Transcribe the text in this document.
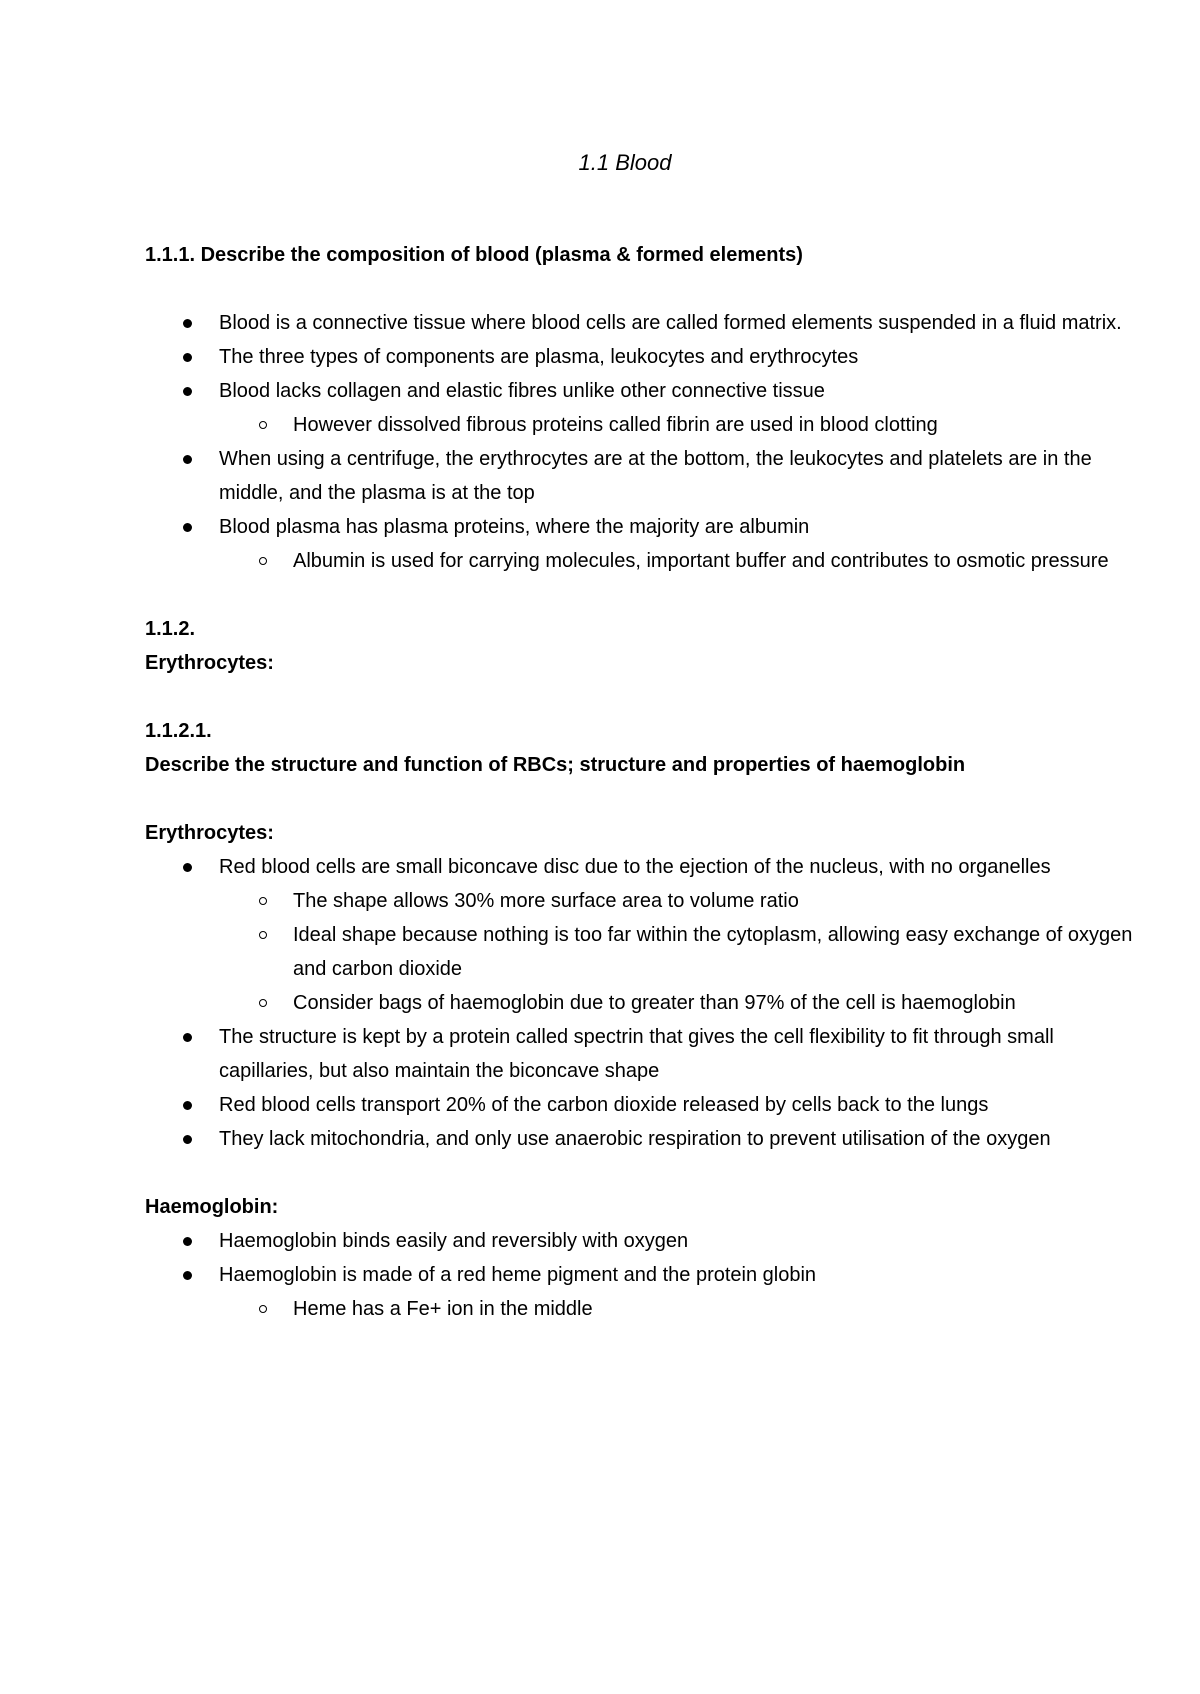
1.1 Blood

1.1.1. Describe the composition of blood (plasma & formed elements)

Blood is a connective tissue where blood cells are called formed elements suspended in a fluid matrix.
The three types of components are plasma, leukocytes and erythrocytes
Blood lacks collagen and elastic fibres unlike other connective tissue
However dissolved fibrous proteins called fibrin are used in blood clotting
When using a centrifuge, the erythrocytes are at the bottom, the leukocytes and platelets are in the middle, and the plasma is at the top
Blood plasma has plasma proteins, where the majority are albumin
Albumin is used for carrying molecules, important buffer and contributes to osmotic pressure

1.1.2.

Erythrocytes:

1.1.2.1.

Describe the structure and function of RBCs; structure and properties of haemoglobin

Erythrocytes:

Red blood cells are small biconcave disc due to the ejection of the nucleus, with no organelles
The shape allows 30% more surface area to volume ratio
Ideal shape because nothing is too far within the cytoplasm, allowing easy exchange of oxygen and carbon dioxide
Consider bags of haemoglobin due to greater than 97% of the cell is haemoglobin
The structure is kept by a protein called spectrin that gives the cell flexibility to fit through small capillaries, but also maintain the biconcave shape
Red blood cells transport 20% of the carbon dioxide released by cells back to the lungs
They lack mitochondria, and only use anaerobic respiration to prevent utilisation of the oxygen

Haemoglobin:

Haemoglobin binds easily and reversibly with oxygen
Haemoglobin is made of a red heme pigment and the protein globin
Heme has a Fe+ ion in the middle
